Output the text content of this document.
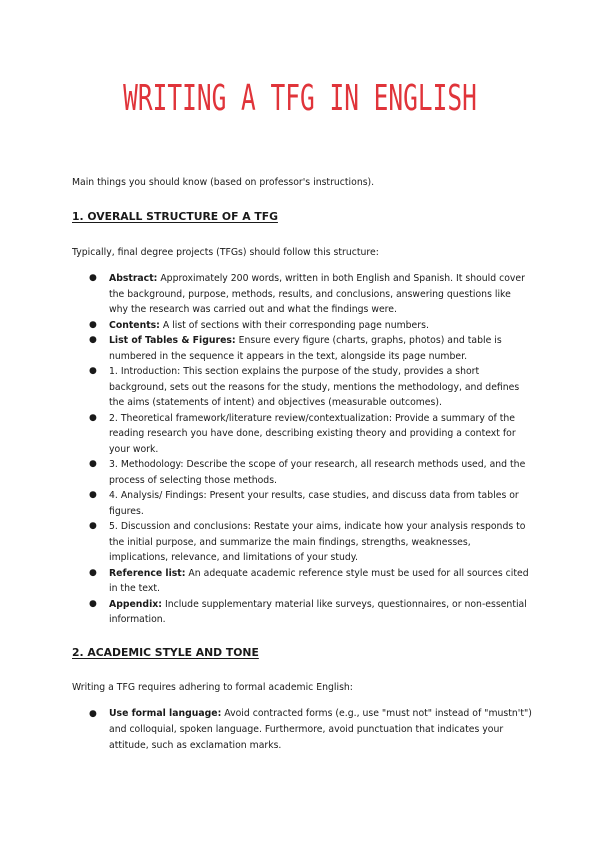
WRITING A TFG IN ENGLISH

Main things you should know (based on professor's instructions).

1. OVERALL STRUCTURE OF A TFG

Typically, final degree projects (TFGs) should follow this structure:

● Abstract: Approximately 200 words, written in both English and Spanish. It should cover the background, purpose, methods, results, and conclusions, answering questions like why the research was carried out and what the findings were.
● Contents: A list of sections with their corresponding page numbers.
● List of Tables & Figures: Ensure every figure (charts, graphs, photos) and table is numbered in the sequence it appears in the text, alongside its page number.
● 1. Introduction: This section explains the purpose of the study, provides a short background, sets out the reasons for the study, mentions the methodology, and defines the aims (statements of intent) and objectives (measurable outcomes).
● 2. Theoretical framework/literature review/contextualization: Provide a summary of the reading research you have done, describing existing theory and providing a context for your work.
● 3. Methodology: Describe the scope of your research, all research methods used, and the process of selecting those methods.
● 4. Analysis/ Findings: Present your results, case studies, and discuss data from tables or figures.
● 5. Discussion and conclusions: Restate your aims, indicate how your analysis responds to the initial purpose, and summarize the main findings, strengths, weaknesses, implications, relevance, and limitations of your study.
● Reference list: An adequate academic reference style must be used for all sources cited in the text.
● Appendix: Include supplementary material like surveys, questionnaires, or non-essential information.
2. ACADEMIC STYLE AND TONE

Writing a TFG requires adhering to formal academic English:

● Use formal language: Avoid contracted forms (e.g., use "must not" instead of "mustn't") and colloquial, spoken language. Furthermore, avoid punctuation that indicates your attitude, such as exclamation marks.
